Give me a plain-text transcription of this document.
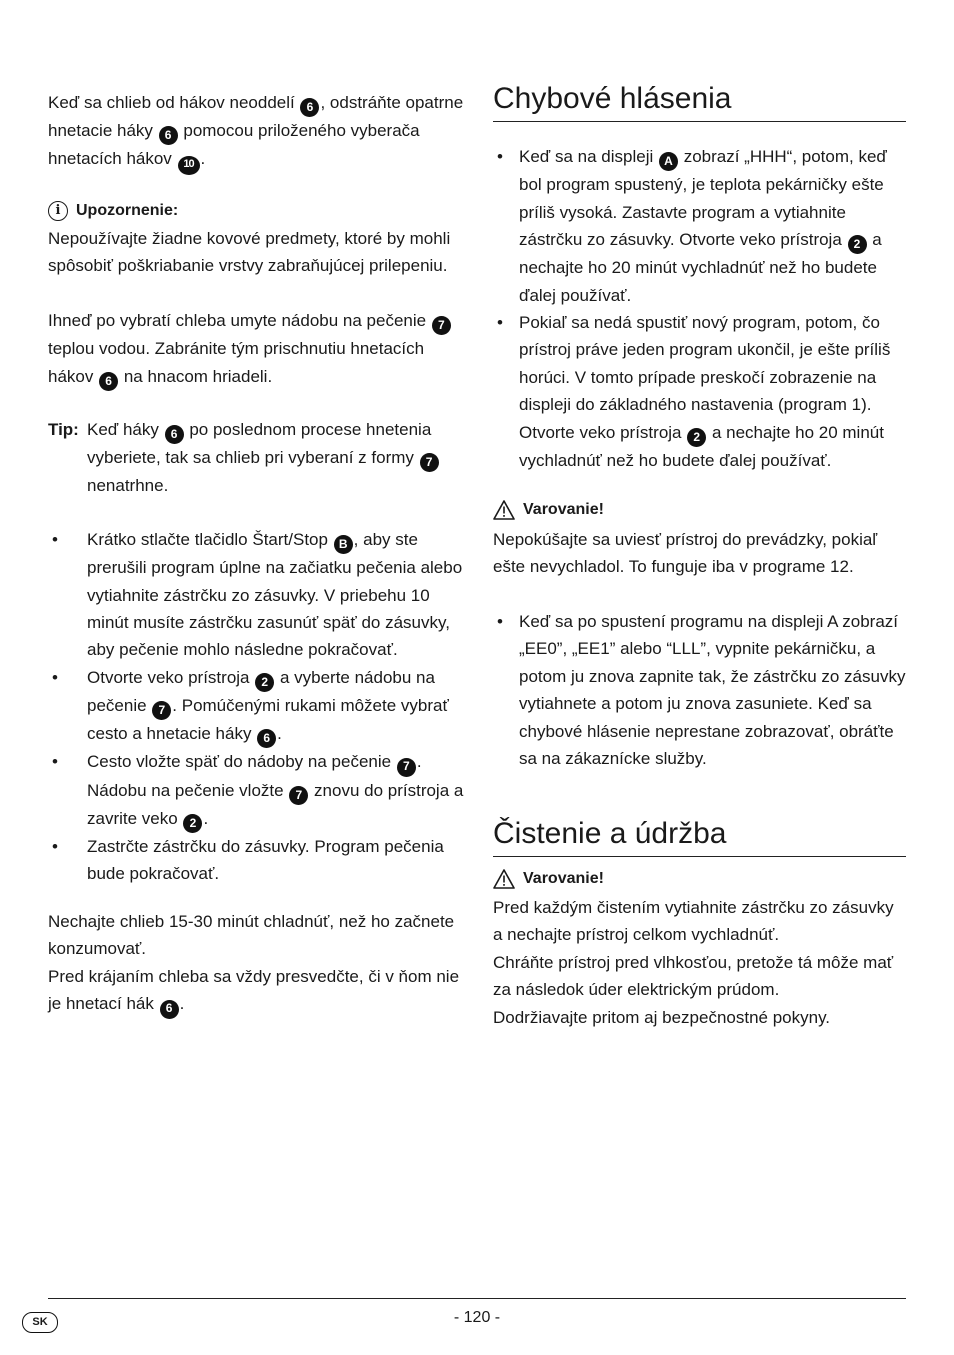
Keď sa chlieb od hákov neoddelí 6 , odstráňte opatrne hnetacie háky 6 pomocou priloženého vyberača hnetacích hákov 10 .

i Upozornenie:

Nepoužívajte žiadne kovové predmety, ktoré by mohli spôsobiť poškriabanie vrstvy zabraňujúcej prilepeniu.

Ihneď po vybratí chleba umyte nádobu na pečenie 7 teplou vodou. Zabránite tým prischnutiu hnetacích hákov 6 na hnacom hriadeli.

Tip: Keď háky 6 po poslednom procese hnetenia vyberiete, tak sa chlieb pri vyberaní z formy 7 nenatrhne.
• Krátko stlačte tlačidlo Štart/Stop B , aby ste prerušili program úplne na začiatku pečenia alebo vytiahnite zástrčku zo zásuvky. V priebehu 10 minút musíte zástrčku zasunúť späť do zásuvky, aby pečenie mohlo následne pokračovať.
• Otvorte veko prístroja 2 a vyberte nádobu na pečenie 7 . Pomúčenými rukami môžete vybrať cesto a hnetacie háky 6 .
• Cesto vložte späť do nádoby na pečenie 7 . Nádobu na pečenie vložte 7 znovu do prístroja a zavrite veko 2 .
• Zastrčte zástrčku do zásuvky. Program pečenia bude pokračovať.

Nechajte chlieb 15-30 minút chladnúť, než ho začnete konzumovať.

Pred krájaním chleba sa vždy presvedčte, či v ňom nie je hnetací hák 6 .

Chybové hlásenia
• Keď sa na displeji A zobrazí „HHH“, potom, keď bol program spustený, je teplota pekárničky ešte príliš vysoká. Zastavte program a vytiahnite zástrčku zo zásuvky. Otvorte veko prístroja 2 a nechajte ho 20 minút vychladnúť než ho budete ďalej používať.
• Pokiaľ sa nedá spustiť nový program, potom, čo prístroj práve jeden program ukončil, je ešte príliš horúci. V tomto prípade preskočí zobrazenie na displeji do základného nastavenia (program 1). Otvorte veko prístroja 2 a nechajte ho 20 minút vychladnúť než ho budete ďalej používať.
Varovanie!

Nepokúšajte sa uviesť prístroj do prevádzky, pokiaľ ešte nevychladol. To funguje iba v programe 12.

• Keď sa po spustení programu na displeji A zobrazí „EE0”, „EE1” alebo “LLL”, vypnite pekárničku, a potom ju znova zapnite tak, že zástrčku zo zásuvky vytiahnete a potom ju znova zasuniete. Keď sa chybové hlásenie neprestane zobrazovať, obráťte sa na zákaznícke služby.
Čistenie a údržba
Varovanie!

Pred každým čistením vytiahnite zástrčku zo zásuvky a nechajte prístroj celkom vychladnúť.

Chráňte prístroj pred vlhkosťou, pretože tá môže mať za následok úder elektrickým prúdom.

Dodržiavajte pritom aj bezpečnostné pokyny.

SK	- 120 -
